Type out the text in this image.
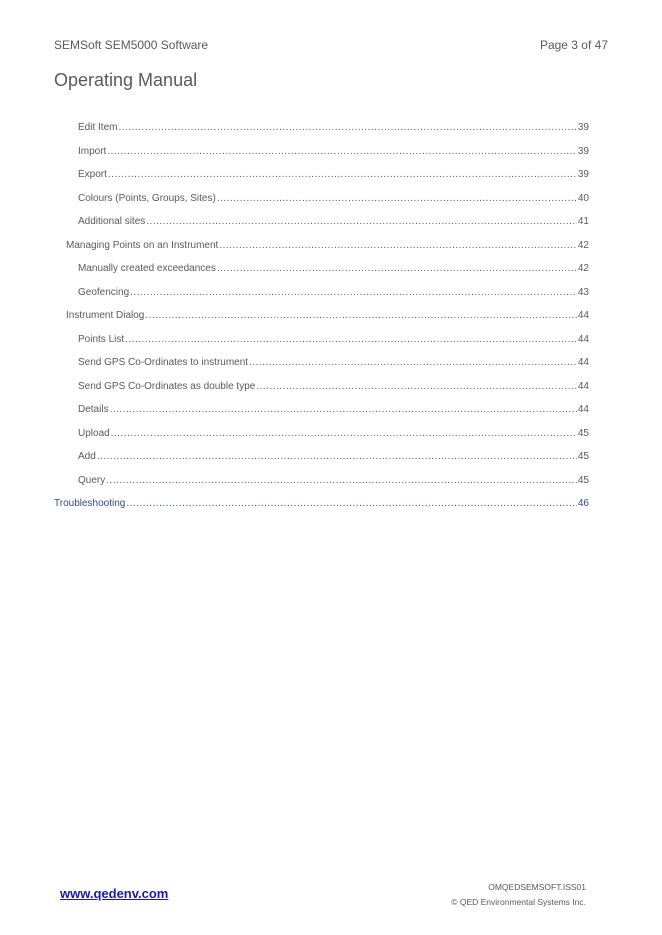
SEMSoft SEM5000 Software	Page 3 of 47
Operating Manual
Edit Item .....	39
Import .....	39
Export .....	39
Colours (Points, Groups, Sites) .....	40
Additional sites .....	41
Managing Points on an Instrument .....	42
Manually created exceedances .....	42
Geofencing .....	43
Instrument Dialog .....	44
Points List .....	44
Send GPS Co-Ordinates to instrument .....	44
Send GPS Co-Ordinates as double type .....	44
Details .....	44
Upload .....	45
Add .....	45
Query .....	45
Troubleshooting .....	46
www.qedenv.com	OMQEDSEMSOFT.ISS01
© QED Environmental Systems Inc.
